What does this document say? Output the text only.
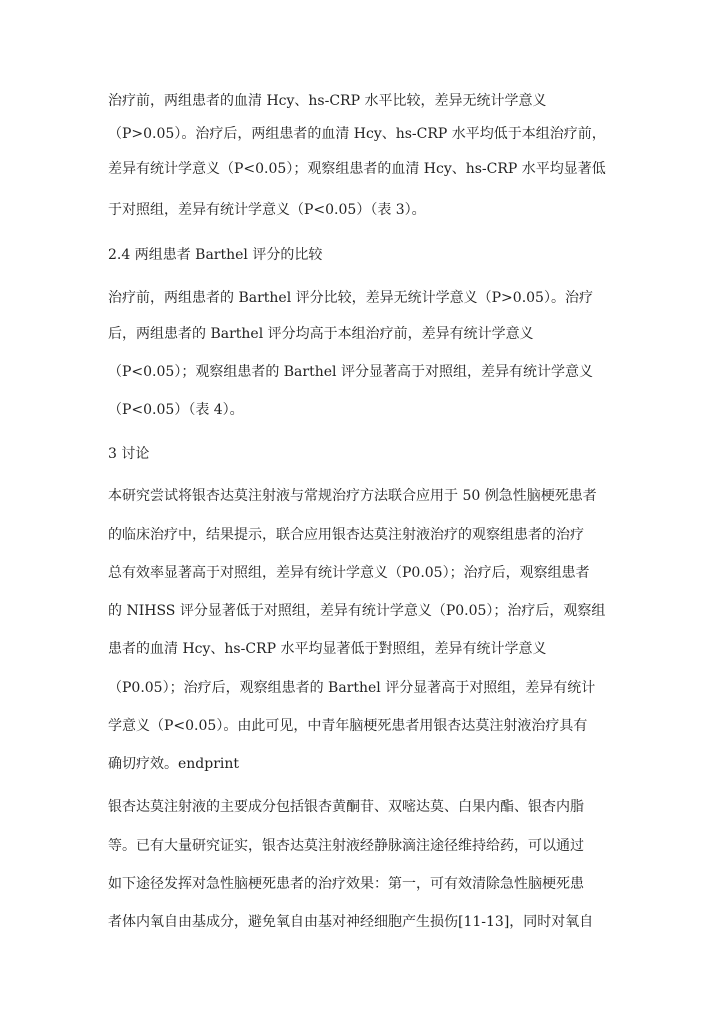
治疗前，两组患者的血清 Hcy、hs-CRP 水平比较，差异无统计学意义
（P>0.05）。治疗后，两组患者的血清 Hcy、hs-CRP 水平均低于本组治疗前，
差异有统计学意义（P<0.05）；观察组患者的血清 Hcy、hs-CRP 水平均显著低
于对照组，差异有统计学意义（P<0.05）（表 3）。
2.4 两组患者 Barthel 评分的比较
治疗前，两组患者的 Barthel 评分比较，差异无统计学意义（P>0.05）。治疗
后，两组患者的 Barthel 评分均高于本组治疗前，差异有统计学意义
（P<0.05）；观察组患者的 Barthel 评分显著高于对照组，差异有统计学意义
（P<0.05）（表 4）。
3 讨论
本研究尝试将银杏达莫注射液与常规治疗方法联合应用于 50 例急性脑梗死患者
的临床治疗中，结果提示，联合应用银杏达莫注射液治疗的观察组患者的治疗
总有效率显著高于对照组，差异有统计学意义（P0.05）；治疗后，观察组患者
的 NIHSS 评分显著低于对照组，差异有统计学意义（P0.05）；治疗后，观察组
患者的血清 Hcy、hs-CRP 水平均显著低于對照组，差异有统计学意义
（P0.05）；治疗后，观察组患者的 Barthel 评分显著高于对照组，差异有统计
学意义（P<0.05）。由此可见，中青年脑梗死患者用银杏达莫注射液治疗具有
确切疗效。endprint
银杏达莫注射液的主要成分包括银杏黄酮苷、双嘧达莫、白果内酯、银杏内脂
等。已有大量研究证实，银杏达莫注射液经静脉滴注途径维持给药，可以通过
如下途径发挥对急性脑梗死患者的治疗效果：第一，可有效清除急性脑梗死患
者体内氧自由基成分，避免氧自由基对神经细胞产生损伤[11-13]，同时对氧自
